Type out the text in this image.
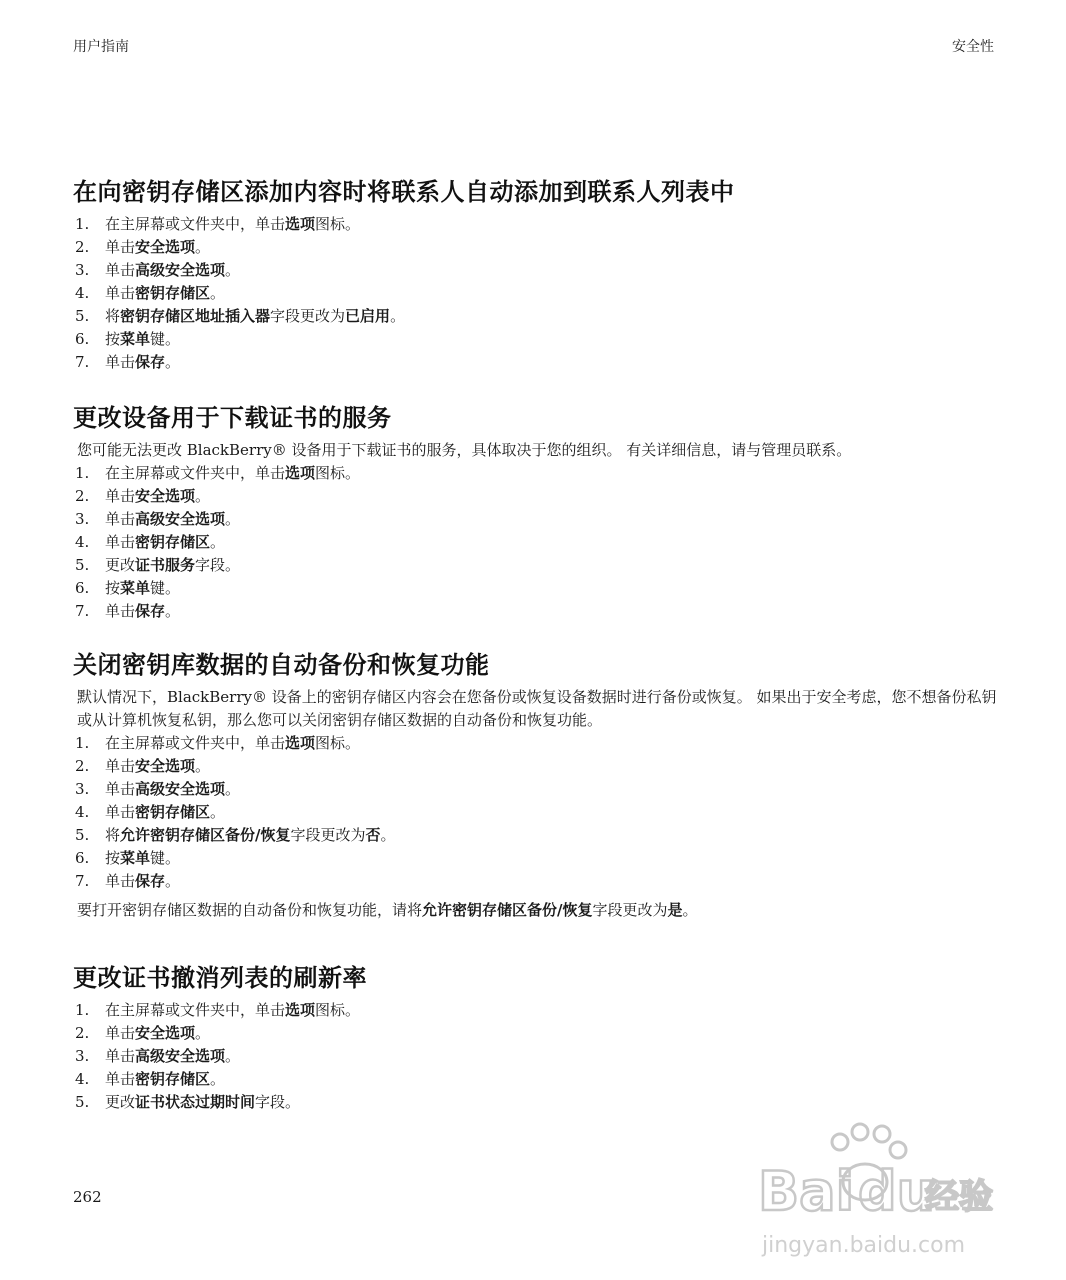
用户指南	安全性
在向密钥存储区添加内容时将联系人自动添加到联系人列表中
1. 在主屏幕或文件夹中，单击选项图标。
2. 单击安全选项。
3. 单击高级安全选项。
4. 单击密钥存储区。
5. 将密钥存储区地址插入器字段更改为已启用。
6. 按菜单键。
7. 单击保存。
更改设备用于下载证书的服务

您可能无法更改 BlackBerry® 设备用于下载证书的服务，具体取决于您的组织。 有关详细信息，请与管理员联系。

1. 在主屏幕或文件夹中，单击选项图标。
2. 单击安全选项。
3. 单击高级安全选项。
4. 单击密钥存储区。
5. 更改证书服务字段。
6. 按菜单键。
7. 单击保存。
关闭密钥库数据的自动备份和恢复功能

默认情况下，BlackBerry® 设备上的密钥存储区内容会在您备份或恢复设备数据时进行备份或恢复。 如果出于安全考虑，您不想备份私钥或从计算机恢复私钥，那么您可以关闭密钥存储区数据的自动备份和恢复功能。

1. 在主屏幕或文件夹中，单击选项图标。
2. 单击安全选项。
3. 单击高级安全选项。
4. 单击密钥存储区。
5. 将允许密钥存储区备份/恢复字段更改为否。
6. 按菜单键。
7. 单击保存。

要打开密钥存储区数据的自动备份和恢复功能，请将允许密钥存储区备份/恢复字段更改为是。

更改证书撤消列表的刷新率
1. 在主屏幕或文件夹中，单击选项图标。
2. 单击安全选项。
3. 单击高级安全选项。
4. 单击密钥存储区。
5. 更改证书状态过期时间字段。
262	Bai du
经验
jingyan.baidu.com
